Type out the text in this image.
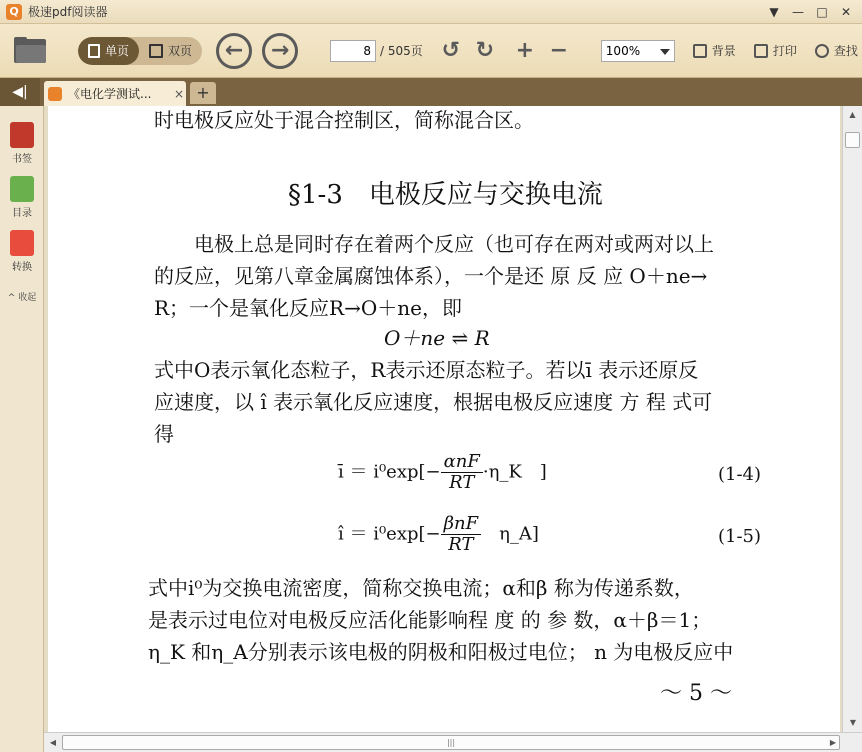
Q 极速pdf阅读器	▼	—	□	✕
单页	双页	←	→	8 / 505页 ↺ ↻ + −	100%	背景	打印	查找
◀|	《电化学测试...	× +
书签
目录
转换
^ 收起
时电极反应处于混合控制区，简称混合区。
§1-3　电极反应与交换电流
　　电极上总是同时存在着两个反应（也可存在两对或两对以上
的反应，见第八章金属腐蚀体系），一个是还 原 反 应 O＋ne→
R；一个是氧化反应R→O＋ne，即
O＋ne ⇌ R
式中O表示氧化态粒子，R表示还原态粒子。若以ī 表示还原反
应速度，以 î 表示氧化反应速度，根据电极反应速度 方 程 式可
得
ī ＝ $i^0\exp[- \frac{\text{αnF}}{RT}$ ·η_K　]	(1-4)
î ＝ $i^0\exp[- \frac{\text{βnF}}{RT}$
　 η_A]	(1-5)
式中i⁰为交换电流密度，简称交换电流；α和β 称为传递系数，
是表示过电位对电极反应活化能影响程 度 的 参 数，α＋β＝1；
η_K 和η_A分别表示该电极的阴极和阳极过电位； n 为电极反应中
〜 5 〜
▲
▼
◀	|||	▶
